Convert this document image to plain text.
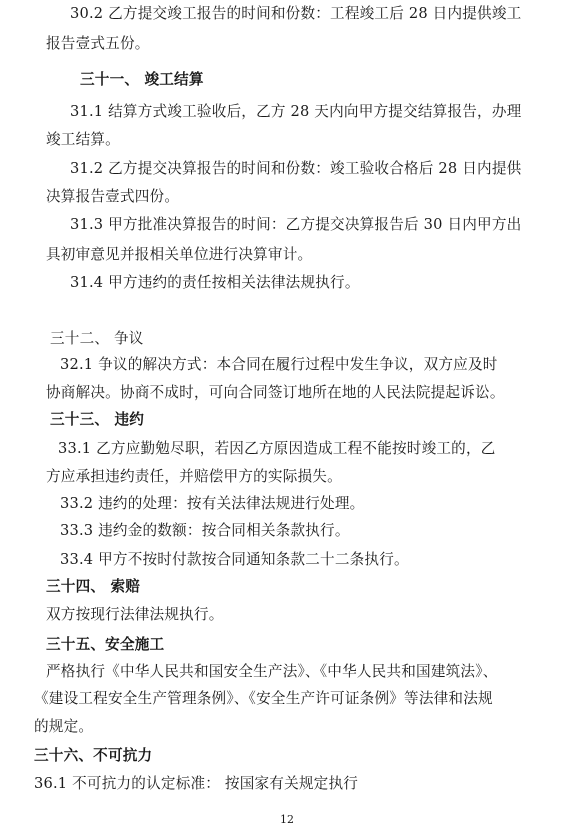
30.2 乙方提交竣工报告的时间和份数：工程竣工后 28 日内提供竣工
报告壹式五份。
三十一、 竣工结算
31.1 结算方式竣工验收后，乙方 28 天内向甲方提交结算报告，办理
竣工结算。
31.2 乙方提交决算报告的时间和份数：竣工验收合格后 28 日内提供
决算报告壹式四份。
31.3 甲方批准决算报告的时间：乙方提交决算报告后 30 日内甲方出
具初审意见并报相关单位进行决算审计。
31.4 甲方违约的责任按相关法律法规执行。
三十二、 争议
32.1 争议的解决方式：本合同在履行过程中发生争议，双方应及时
协商解决。协商不成时，可向合同签订地所在地的人民法院提起诉讼。
三十三、 违约
33.1 乙方应勤勉尽职，若因乙方原因造成工程不能按时竣工的，乙
方应承担违约责任，并赔偿甲方的实际损失。
33.2 违约的处理：按有关法律法规进行处理。
33.3 违约金的数额：按合同相关条款执行。
33.4 甲方不按时付款按合同通知条款二十二条执行。
三十四、 索赔
双方按现行法律法规执行。
三十五、安全施工
严格执行《中华人民共和国安全生产法》、《中华人民共和国建筑法》、
《建设工程安全生产管理条例》、《安全生产许可证条例》等法律和法规
的规定。
三十六、不可抗力
36.1 不可抗力的认定标准： 按国家有关规定执行
12
